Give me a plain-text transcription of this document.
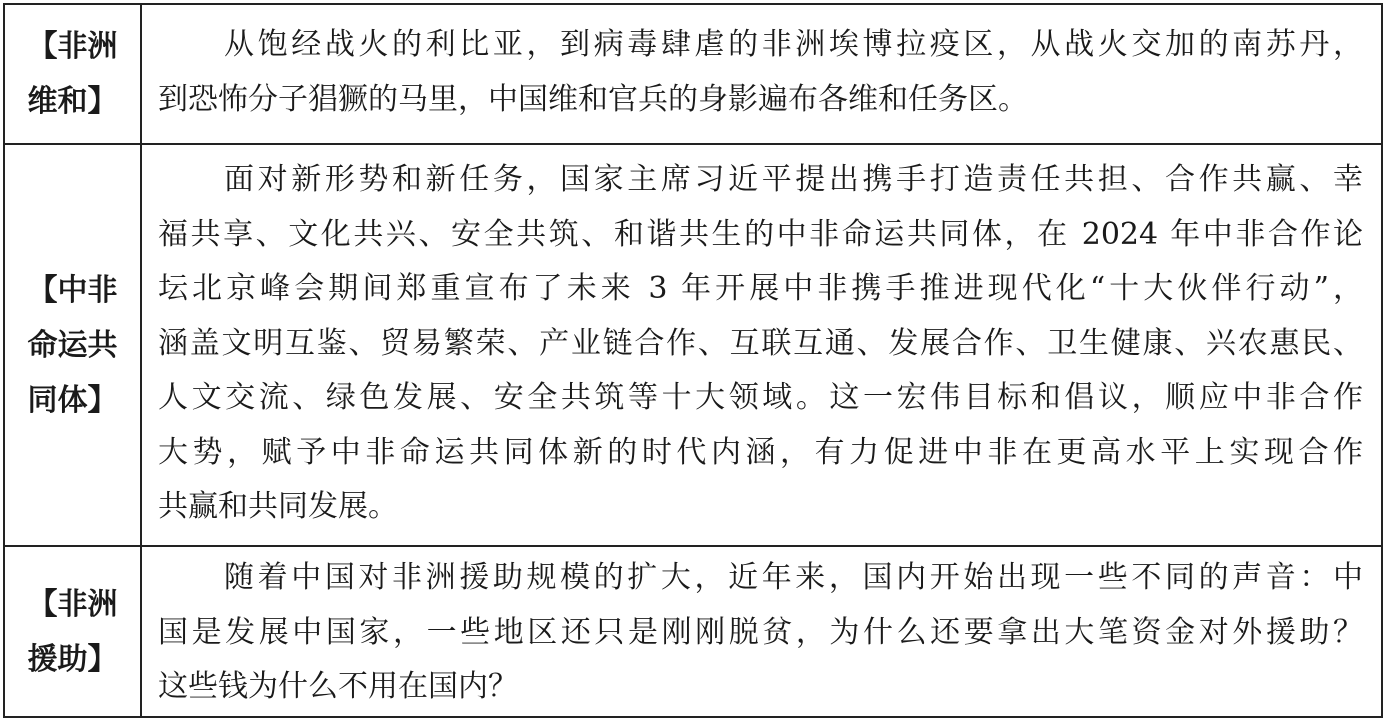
【非洲
维和】
从饱经战火的利比亚，到病毒肆虐的非洲埃博拉疫区，从战火交加的南苏丹，
到恐怖分子猖獗的马里，中国维和官兵的身影遍布各维和任务区。
【中非
命运共
同体】
面对新形势和新任务，国家主席习近平提出携手打造责任共担、合作共赢、幸
福共享、文化共兴、安全共筑、和谐共生的中非命运共同体，在 2024 年中非合作论
坛北京峰会期间郑重宣布了未来 3 年开展中非携手推进现代化“十大伙伴行动”，
涵盖文明互鉴、贸易繁荣、产业链合作、互联互通、发展合作、卫生健康、兴农惠民、
人文交流、绿色发展、安全共筑等十大领域。这一宏伟目标和倡议，顺应中非合作
大势，赋予中非命运共同体新的时代内涵，有力促进中非在更高水平上实现合作
共赢和共同发展。
【非洲
援助】
随着中国对非洲援助规模的扩大，近年来，国内开始出现一些不同的声音：中
国是发展中国家，一些地区还只是刚刚脱贫，为什么还要拿出大笔资金对外援助？
这些钱为什么不用在国内？
